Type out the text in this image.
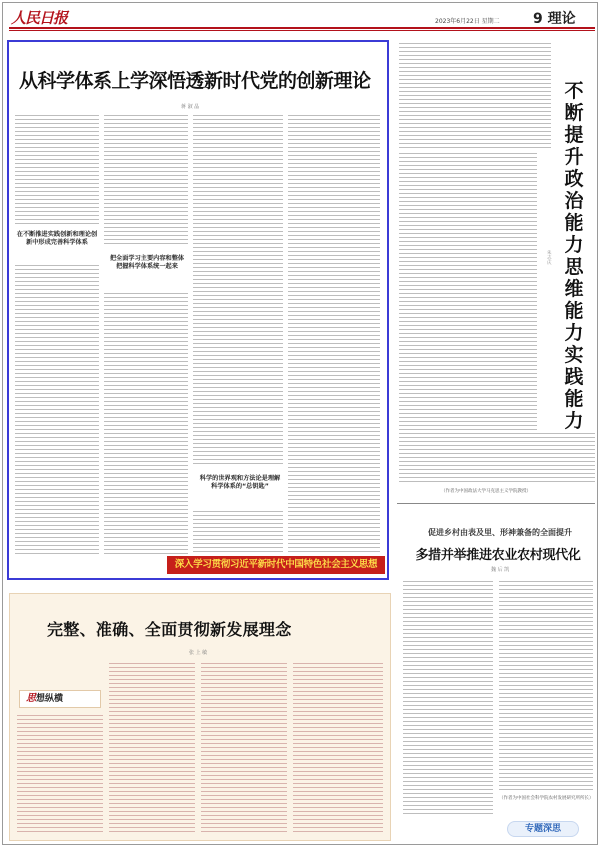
人民日报	2023年6月22日 星期二 9 理论
从科学体系上学深悟透新时代党的创新理论
蒋 淑 晶
在不断推进实践创新和理论创新中形成完善科学体系
把全面学习主要内容和整体把握科学体系统一起来
科学的世界观和方法论是理解科学体系的“总钥匙”
深入学习贯彻习近平新时代中国特色社会主义思想
不断提升政治能力思维能力实践能力
朱 志 庆
（作者为中国政法大学马克思主义学院教授）
促进乡村由表及里、形神兼备的全面提升
多措并举推进农业农村现代化
魏 后 凯
（作者为中国社会科学院农村发展研究所所长）
专题深思
完整、准确、全面贯彻新发展理念
张 上 敏
思想纵横
